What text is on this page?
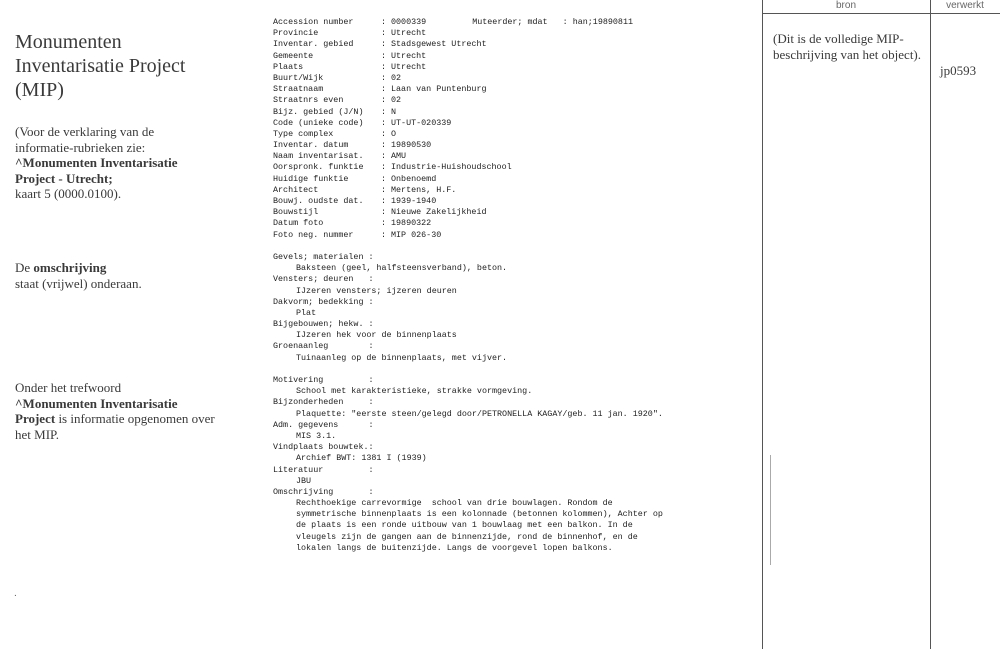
Monumenten Inventarisatie Project (MIP)

(Voor de verklaring van de informatie-rubrieken zie:
^Monumenten Inventarisatie Project - Utrecht;
kaart 5 (0000.0100).

De omschrijving
staat (vrijwel) onderaan.

Onder het trefwoord
^Monumenten Inventarisatie Project is informatie opgenomen over het MIP.

.
Accession number	: 0000339	Muteerder; mdat   : han;19890811
Provincie	: Utrecht
Inventar. gebied	: Stadsgewest Utrecht
Gemeente	: Utrecht
Plaats	: Utrecht
Buurt/Wijk	: 02
Straatnaam	: Laan van Puntenburg
Straatnrs even	: 02
Bijz. gebied (J/N) : N
Code (unieke code) : UT-UT-020339
Type complex	: O
Inventar. datum	: 19890530
Naam inventarisat. : AMU
Oorspronk. funktie : Industrie-Huishoudschool
Huidige funktie	: Onbenoemd
Architect	: Mertens, H.F.
Bouwj. oudste dat. : 1939-1940
Bouwstijl	: Nieuwe Zakelijkheid
Datum foto	: 19890322
Foto neg. nummer	: MIP 026-30
Gevels; materialen :
Baksteen (geel, halfsteensverband), beton.
Vensters; deuren   :
IJzeren vensters; ijzeren deuren
Dakvorm; bedekking :
Plat
Bijgebouwen; hekw. :
IJzeren hek voor de binnenplaats
Groenaanleg        :
Tuinaanleg op de binnenplaats, met vijver.
Motivering         :
School met karakteristieke, strakke vormgeving.
Bijzonderheden     :
Plaquette: "eerste steen/gelegd door/PETRONELLA KAGAY/geb. 11 jan. 1920".
Adm. gegevens      :
MIS 3.1.
Vindplaats bouwtek.:
Archief BWT: 1381 I (1939)
Literatuur         :
JBU
Omschrijving       :
Rechthoekige carrevormige  school van drie bouwlagen. Rondom de
symmetrische binnenplaats is een kolonnade (betonnen kolommen), Achter op
de plaats is een ronde uitbouw van 1 bouwlaag met een balkon. In de
vleugels zijn de gangen aan de binnenzijde, rond de binnenhof, en de
lokalen langs de buitenzijde. Langs de voorgevel lopen balkons.
bron	verwerkt
(Dit is de volledige MIP-beschrijving van het object).
jp0593
